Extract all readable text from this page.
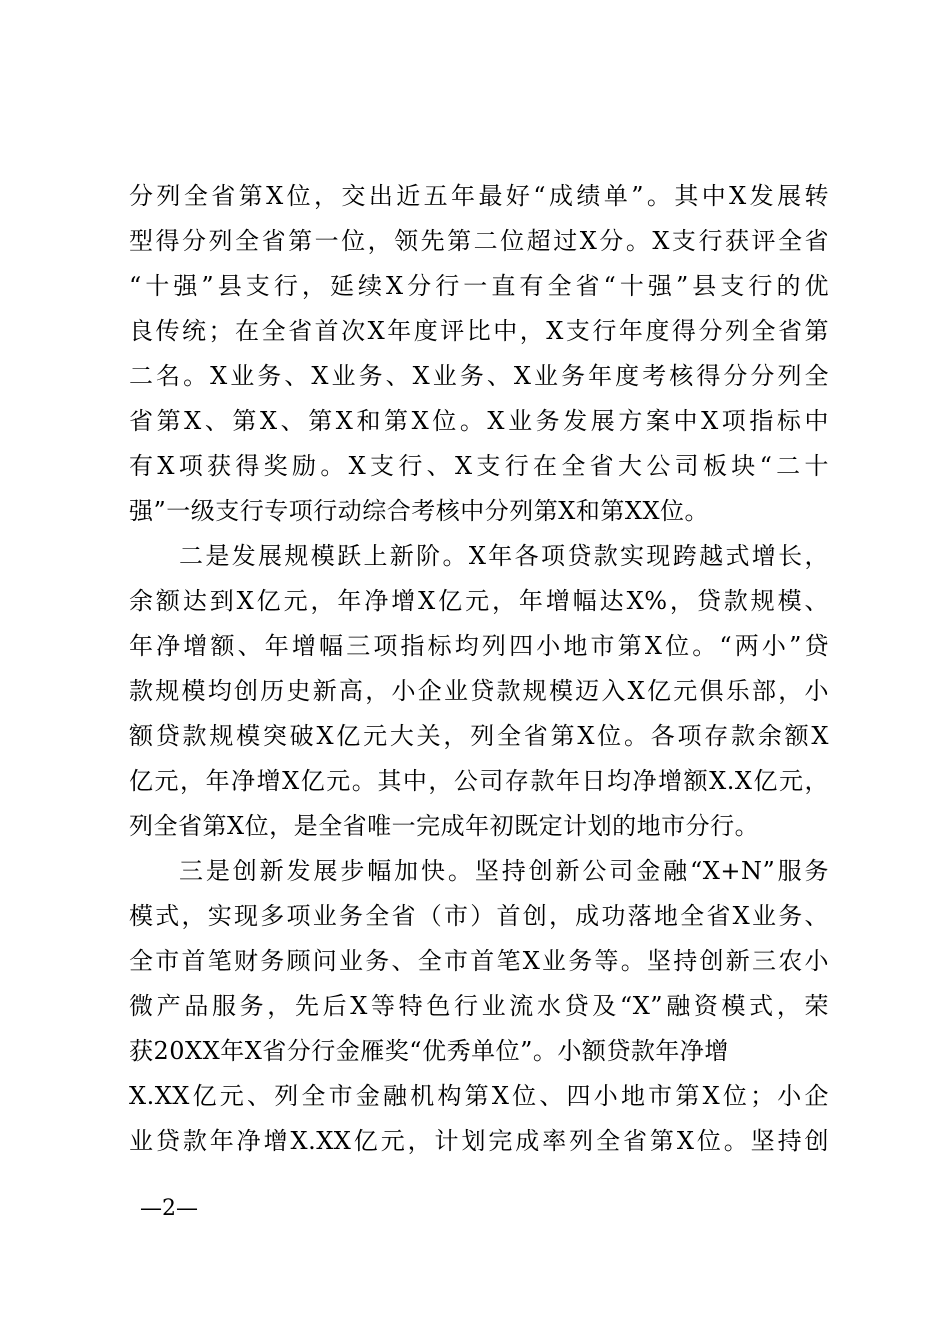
分列全省第X位，交出近五年最好“成绩单”。其中X发展转
型得分列全省第一位，领先第二位超过X分。X支行获评全省
“十强”县支行，延续X分行一直有全省“十强”县支行的优
良传统；在全省首次X年度评比中，X支行年度得分列全省第
二名。X业务、X业务、X业务、X业务年度考核得分分列全
省第X、第X、第X和第X位。X业务发展方案中X项指标中
有X项获得奖励。X支行、X支行在全省大公司板块“二十
强”一级支行专项行动综合考核中分列第X和第XX位。
二是发展规模跃上新阶。X年各项贷款实现跨越式增长，
余额达到X亿元，年净增X亿元，年增幅达X%，贷款规模、
年净增额、年增幅三项指标均列四小地市第X位。“两小”贷
款规模均创历史新高，小企业贷款规模迈入X亿元俱乐部，小
额贷款规模突破X亿元大关，列全省第X位。各项存款余额X
亿元，年净增X亿元。其中，公司存款年日均净增额X.X亿元，
列全省第X位，是全省唯一完成年初既定计划的地市分行。
三是创新发展步幅加快。坚持创新公司金融“X+N”服务
模式，实现多项业务全省（市）首创，成功落地全省X业务、
全市首笔财务顾问业务、全市首笔X业务等。坚持创新三农小
微产品服务，先后X等特色行业流水贷及“X”融资模式，荣
获20XX年X省分行金雁奖“优秀单位”。小额贷款年净增
X.XX亿元、列全市金融机构第X位、四小地市第X位；小企
业贷款年净增X.XX亿元，计划完成率列全省第X位。坚持创
—2—
